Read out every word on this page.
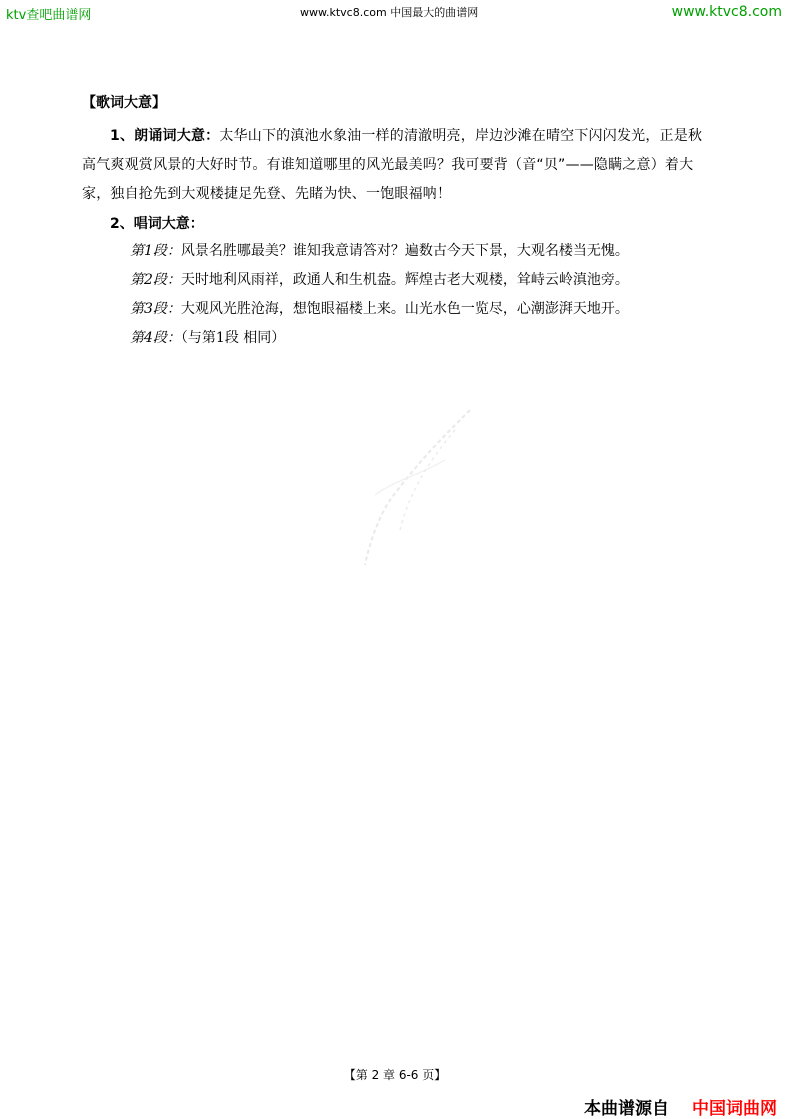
ktv查吧曲谱网	www.ktvc8.com 中国最大的曲谱网	www.ktvc8.com
【歌词大意】

1、朗诵词大意：太华山下的滇池水象油一样的清澈明亮，岸边沙滩在晴空下闪闪发光，正是秋高气爽观赏风景的大好时节。有谁知道哪里的风光最美吗？我可要背（音“贝”——隐瞒之意）着大家，独自抢先到大观楼捷足先登、先睹为快、一饱眼福呐！

2、唱词大意：
第1段：风景名胜哪最美？谁知我意请答对？遍数古今天下景，大观名楼当无愧。
第2段：天时地利风雨祥，政通人和生机盎。辉煌古老大观楼，耸峙云岭滇池旁。
第3段：大观风光胜沧海，想饱眼福楼上来。山光水色一览尽，心潮澎湃天地开。
第4段：（与第1段 相同）
【第 2 章 6-6 页】
本曲谱源自 中国词曲网
